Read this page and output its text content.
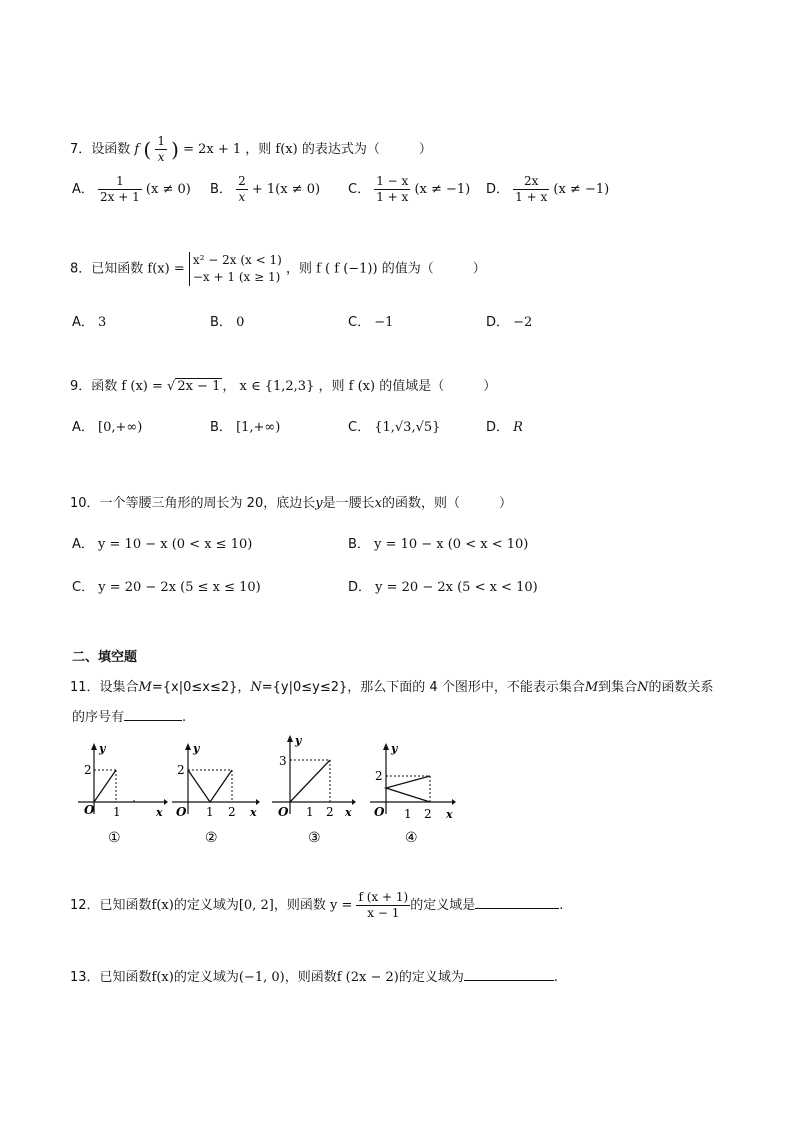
7．设函数 f ( $\frac{1}{x}$ ) = 2x + 1 ，则 f(x) 的表达式为（　　　）
A． $\frac{1}{2x + 1} (x \ne 0)$ B． $\frac{2}{x} + 1(x \ne 0)$ C． $\frac{1 - x}{1 + x} (x \ne -1)$ D． $\frac{2x}{1 + x} (x \ne -1)$
8．已知函数 f(x) =
x² − 2x (x < 1)
−x + 1 (x ≥ 1)
，则 f ( f (−1)) 的值为（　　　）
A． 3	B． 0	C． −1	D． −2
9．函数 f (x) = √ 2x − 1 ， x ∈ {1,2,3} ，则 f (x) 的值域是（　　　）
A． [0,+∞)	B． [1,+∞)	C． {1,√3,√5}	D． R
10．一个等腰三角形的周长为 20，底边长y是一腰长x的函数，则（　　　）
A． y = 10 − x (0 < x ≤ 10)	B． y = 10 − x (0 < x < 10)
C． y = 20 − 2x (5 ≤ x ≤ 10)	D． y = 20 − 2x (5 < x < 10)
二、填空题
11．设集合M={x|0≤x≤2}，N={y|0≤y≤2}，那么下面的 4 个图形中，不能表示集合M到集合N的函数关系
的序号有	.
2
O 1	x
y
①
2
O 1 2 x
y
②
3
O 1 2 x
y
③
2
O 1 2 x
y
④
12．已知函数f(x)的定义域为[0, 2]，则函数 $y = \frac{f (x + 1)}{x - 1}$ 的定义域是	.
13．已知函数f(x)的定义域为(−1, 0)，则函数f (2x − 2)的定义域为	.
